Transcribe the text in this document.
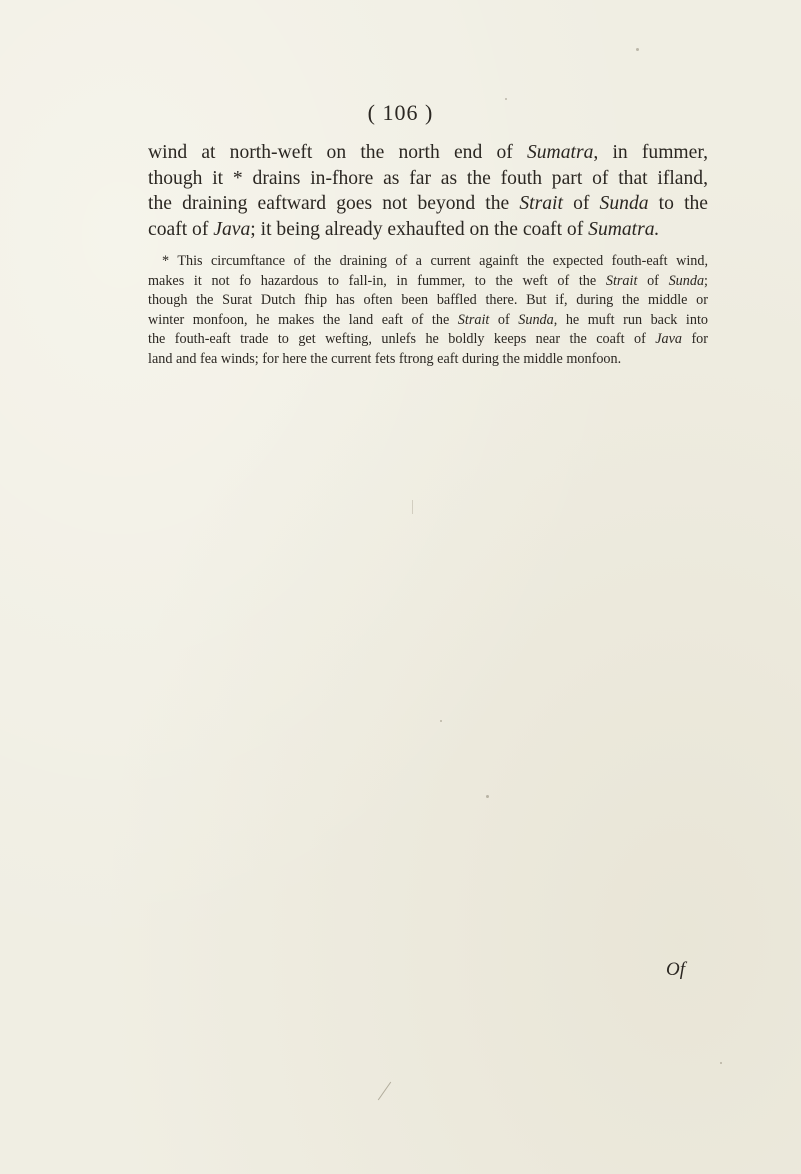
( 106 )
wind at north-weft on the north end of Sumatra, in fummer,
though it * drains in-fhore as far as the fouth part of that ifland,
the draining eaftward goes not beyond the Strait of Sunda to the
coaft of Java; it being already exhaufted on the coaft of Sumatra.
* This circumftance of the draining of a current againft the expected fouth-eaft wind,
makes it not fo hazardous to fall-in, in fummer, to the weft of the Strait of Sunda;
though the Surat Dutch fhip has often been baffled there. But if, during the middle or
winter monfoon, he makes the land eaft of the Strait of Sunda, he muft run back into
the fouth-eaft trade to get wefting, unlefs he boldly keeps near the coaft of Java for
land and fea winds; for here the current fets ftrong eaft during the middle monfoon.
Of
